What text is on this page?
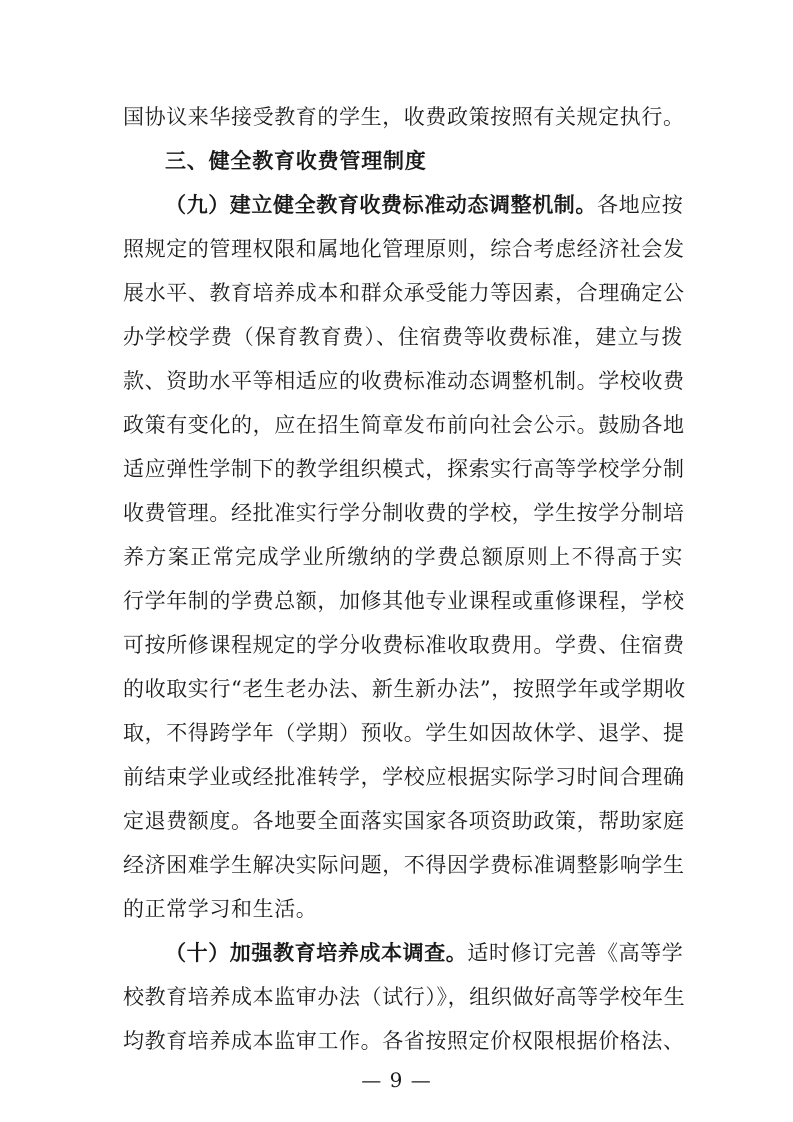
国协议来华接受教育的学生，收费政策按照有关规定执行。
三、健全教育收费管理制度
（九）建立健全教育收费标准动态调整机制。各地应按
照规定的管理权限和属地化管理原则，综合考虑经济社会发
展水平、教育培养成本和群众承受能力等因素，合理确定公
办学校学费（保育教育费）、住宿费等收费标准，建立与拨
款、资助水平等相适应的收费标准动态调整机制。学校收费
政策有变化的，应在招生简章发布前向社会公示。鼓励各地
适应弹性学制下的教学组织模式，探索实行高等学校学分制
收费管理。经批准实行学分制收费的学校，学生按学分制培
养方案正常完成学业所缴纳的学费总额原则上不得高于实
行学年制的学费总额，加修其他专业课程或重修课程，学校
可按所修课程规定的学分收费标准收取费用。学费、住宿费
的收取实行“老生老办法、新生新办法”，按照学年或学期收
取，不得跨学年（学期）预收。学生如因故休学、退学、提
前结束学业或经批准转学，学校应根据实际学习时间合理确
定退费额度。各地要全面落实国家各项资助政策，帮助家庭
经济困难学生解决实际问题，不得因学费标准调整影响学生
的正常学习和生活。
（十）加强教育培养成本调查。适时修订完善《高等学
校教育培养成本监审办法（试行）》，组织做好高等学校年生
均教育培养成本监审工作。各省按照定价权限根据价格法、
— 9 —
